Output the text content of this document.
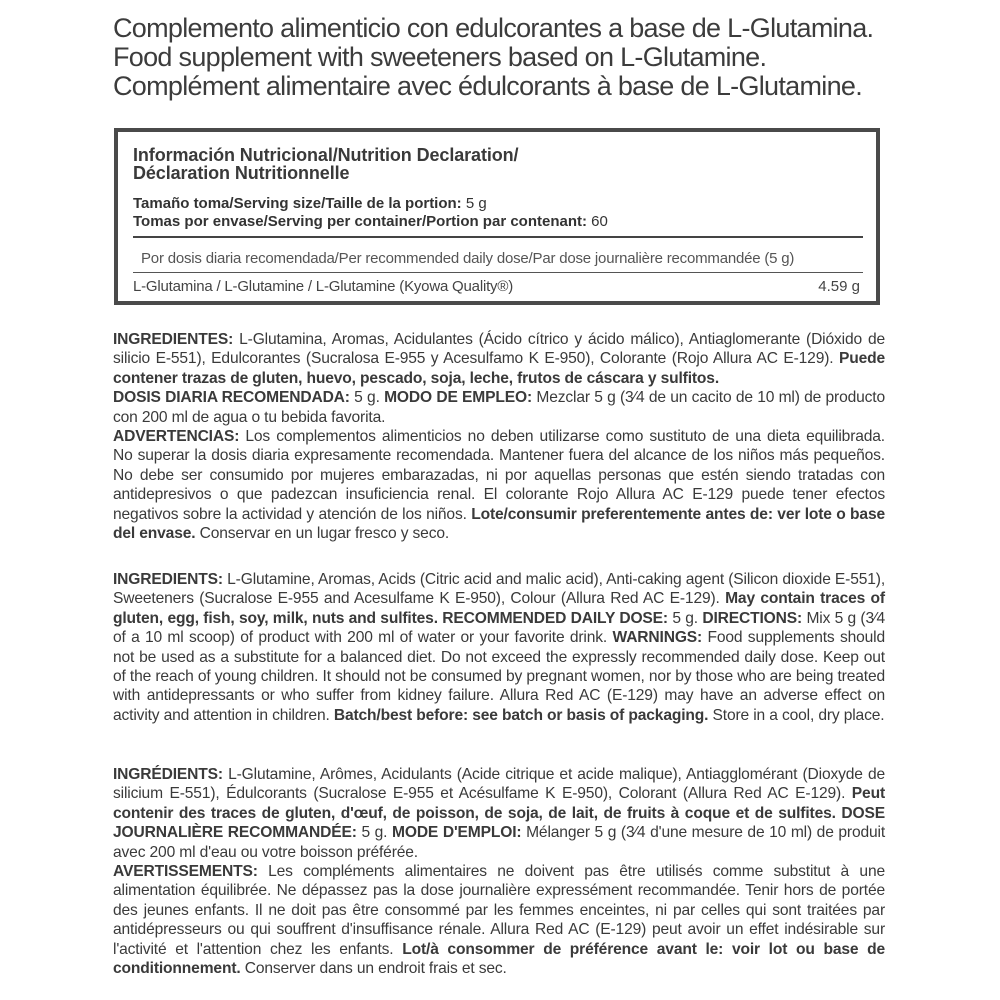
Complemento alimenticio con edulcorantes a base de L-Glutamina.

Food supplement with sweeteners based on L-Glutamine.

Complément alimentaire avec édulcorants à base de L-Glutamine.

Información Nutricional/Nutrition Declaration/
Déclaration Nutritionnelle
Tamaño toma/Serving size/Taille de la portion: 5 g
Tomas por envase/Serving per container/Portion par contenant: 60
Por dosis diaria recomendada/Per recommended daily dose/Par dose journalière recommandée (5 g)
L-Glutamina / L-Glutamine / L-Glutamine (Kyowa Quality®)	4.59 g

INGREDIENTES: L-Glutamina, Aromas, Acidulantes (Ácido cítrico y ácido málico), Antiaglomerante (Dióxido de silicio E-551), Edulcorantes (Sucralosa E-955 y Acesulfamo K E-950), Colorante (Rojo Allura AC E-129). Puede contener trazas de gluten, huevo, pescado, soja, leche, frutos de cáscara y sulfitos.

DOSIS DIARIA RECOMENDADA: 5 g. MODO DE EMPLEO: Mezclar 5 g (3⁄4 de un cacito de 10 ml) de producto con 200 ml de agua o tu bebida favorita.

ADVERTENCIAS: Los complementos alimenticios no deben utilizarse como sustituto de una dieta equilibrada. No superar la dosis diaria expresamente recomendada. Mantener fuera del alcance de los niños más pequeños. No debe ser consumido por mujeres embarazadas, ni por aquellas personas que estén siendo tratadas con antidepresivos o que padezcan insuficiencia renal. El colorante Rojo Allura AC E-129 puede tener efectos negativos sobre la actividad y atención de los niños. Lote/consumir preferentemente antes de: ver lote o base del envase. Conservar en un lugar fresco y seco.

INGREDIENTS: L-Glutamine, Aromas, Acids (Citric acid and malic acid), Anti-caking agent (Silicon dioxide E-551), Sweeteners (Sucralose E-955 and Acesulfame K E-950), Colour (Allura Red AC E-129). May contain traces of gluten, egg, fish, soy, milk, nuts and sulfites. RECOMMENDED DAILY DOSE: 5 g. DIRECTIONS: Mix 5 g (3⁄4 of a 10 ml scoop) of product with 200 ml of water or your favorite drink. WARNINGS: Food supplements should not be used as a substitute for a balanced diet. Do not exceed the expressly recommended daily dose. Keep out of the reach of young children. It should not be consumed by pregnant women, nor by those who are being treated with antidepressants or who suffer from kidney failure. Allura Red AC (E-129) may have an adverse effect on activity and attention in children. Batch/best before: see batch or basis of packaging. Store in a cool, dry place.

INGRÉDIENTS: L-Glutamine, Arômes, Acidulants (Acide citrique et acide malique), Antiagglomérant (Dioxyde de silicium E-551), Édulcorants (Sucralose E-955 et Acésulfame K E-950), Colorant (Allura Red AC E-129). Peut contenir des traces de gluten, d'œuf, de poisson, de soja, de lait, de fruits à coque et de sulfites. DOSE JOURNALIÈRE RECOMMANDÉE: 5 g. MODE D'EMPLOI: Mélanger 5 g (3⁄4 d'une mesure de 10 ml) de produit avec 200 ml d'eau ou votre boisson préférée.

AVERTISSEMENTS: Les compléments alimentaires ne doivent pas être utilisés comme substitut à une alimentation équilibrée. Ne dépassez pas la dose journalière expressément recommandée. Tenir hors de portée des jeunes enfants. Il ne doit pas être consommé par les femmes enceintes, ni par celles qui sont traitées par antidépresseurs ou qui souffrent d'insuffisance rénale. Allura Red AC (E-129) peut avoir un effet indésirable sur l'activité et l'attention chez les enfants. Lot/à consommer de préférence avant le: voir lot ou base de conditionnement. Conserver dans un endroit frais et sec.
